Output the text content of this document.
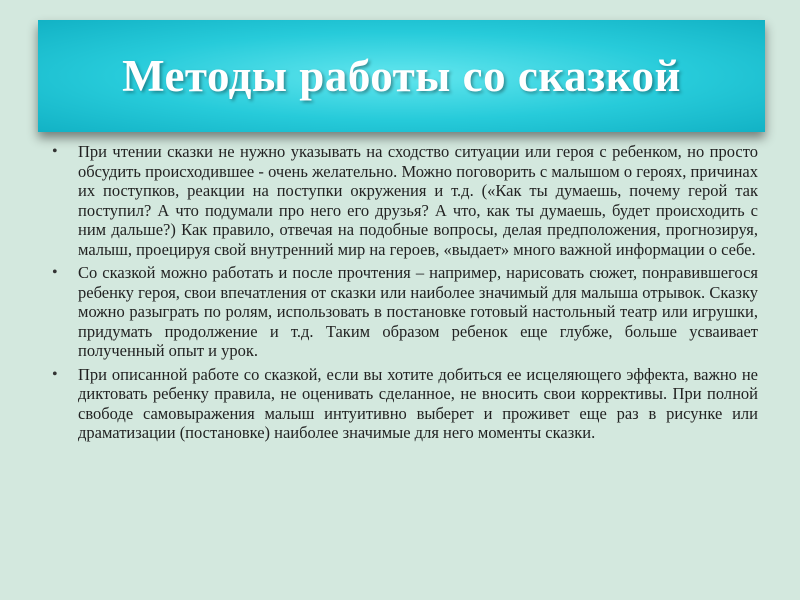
Методы работы со сказкой
• При чтении сказки не нужно указывать на сходство ситуации или героя с ребенком, но просто обсудить происходившее - очень желательно. Можно поговорить с малышом о героях, причинах их поступков, реакции на поступки окружения и т.д. («Как ты думаешь, почему герой так поступил? А что подумали про него его друзья? А что, как ты думаешь, будет происходить с ним дальше?) Как правило, отвечая на подобные вопросы, делая предположения, прогнозируя, малыш, проецируя свой внутренний мир на героев, «выдает» много важной информации о себе.
• Со сказкой можно работать и после прочтения – например, нарисовать сюжет, понравившегося ребенку героя, свои впечатления от сказки или наиболее значимый для малыша отрывок. Сказку можно разыграть по ролям, использовать в постановке готовый настольный театр или игрушки, придумать продолжение и т.д. Таким образом ребенок еще глубже, больше усваивает полученный опыт и урок.
• При описанной работе со сказкой, если вы хотите добиться ее исцеляющего эффекта, важно не диктовать ребенку правила, не оценивать сделанное, не вносить свои коррективы. При полной свободе самовыражения малыш интуитивно выберет и проживет еще раз в рисунке или драматизации (постановке) наиболее значимые для него моменты сказки.
